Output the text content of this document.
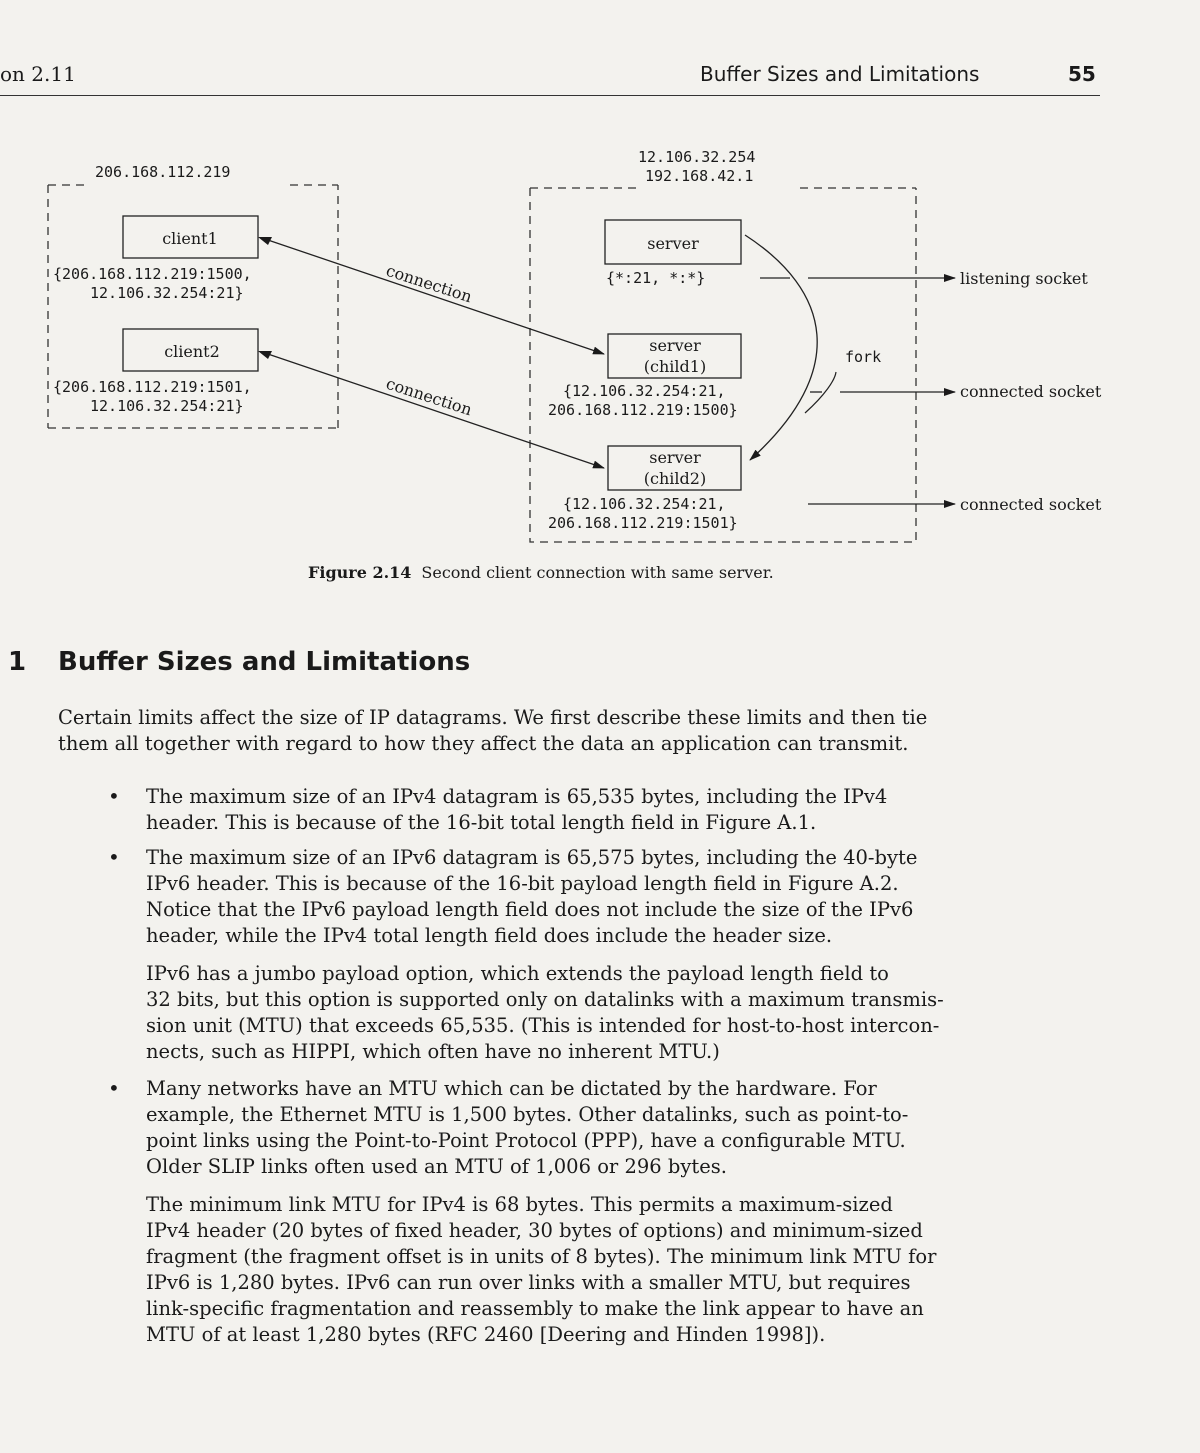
on 2.11	Buffer Sizes and Limitations	55
206.168.112.219
12.106.32.254
192.168.42.1
client1
{206.168.112.219:1500,
12.106.32.254:21}
client2
{206.168.112.219:1501,
12.106.32.254:21}
connection
connection
server
{*:21, *:*}
server
(child1)
{12.106.32.254:21,
206.168.112.219:1500}
server
(child2)
{12.106.32.254:21,
206.168.112.219:1501}
fork
listening socket
connected socket
connected socket
Figure 2.14 Second client connection with same server.
1 Buffer Sizes and Limitations
Certain limits affect the size of IP datagrams. We first describe these limits and then tie
them all together with regard to how they affect the data an application can transmit.
• The maximum size of an IPv4 datagram is 65,535 bytes, including the IPv4
header. This is because of the 16-bit total length field in Figure A.1.
• The maximum size of an IPv6 datagram is 65,575 bytes, including the 40-byte
IPv6 header. This is because of the 16-bit payload length field in Figure A.2.
Notice that the IPv6 payload length field does not include the size of the IPv6
header, while the IPv4 total length field does include the header size.
IPv6 has a jumbo payload option, which extends the payload length field to
32 bits, but this option is supported only on datalinks with a maximum transmis-
sion unit (MTU) that exceeds 65,535. (This is intended for host-to-host intercon-
nects, such as HIPPI, which often have no inherent MTU.)
• Many networks have an MTU which can be dictated by the hardware. For
example, the Ethernet MTU is 1,500 bytes. Other datalinks, such as point-to-
point links using the Point-to-Point Protocol (PPP), have a configurable MTU.
Older SLIP links often used an MTU of 1,006 or 296 bytes.
The minimum link MTU for IPv4 is 68 bytes. This permits a maximum-sized
IPv4 header (20 bytes of fixed header, 30 bytes of options) and minimum-sized
fragment (the fragment offset is in units of 8 bytes). The minimum link MTU for
IPv6 is 1,280 bytes. IPv6 can run over links with a smaller MTU, but requires
link-specific fragmentation and reassembly to make the link appear to have an
MTU of at least 1,280 bytes (RFC 2460 [Deering and Hinden 1998]).
